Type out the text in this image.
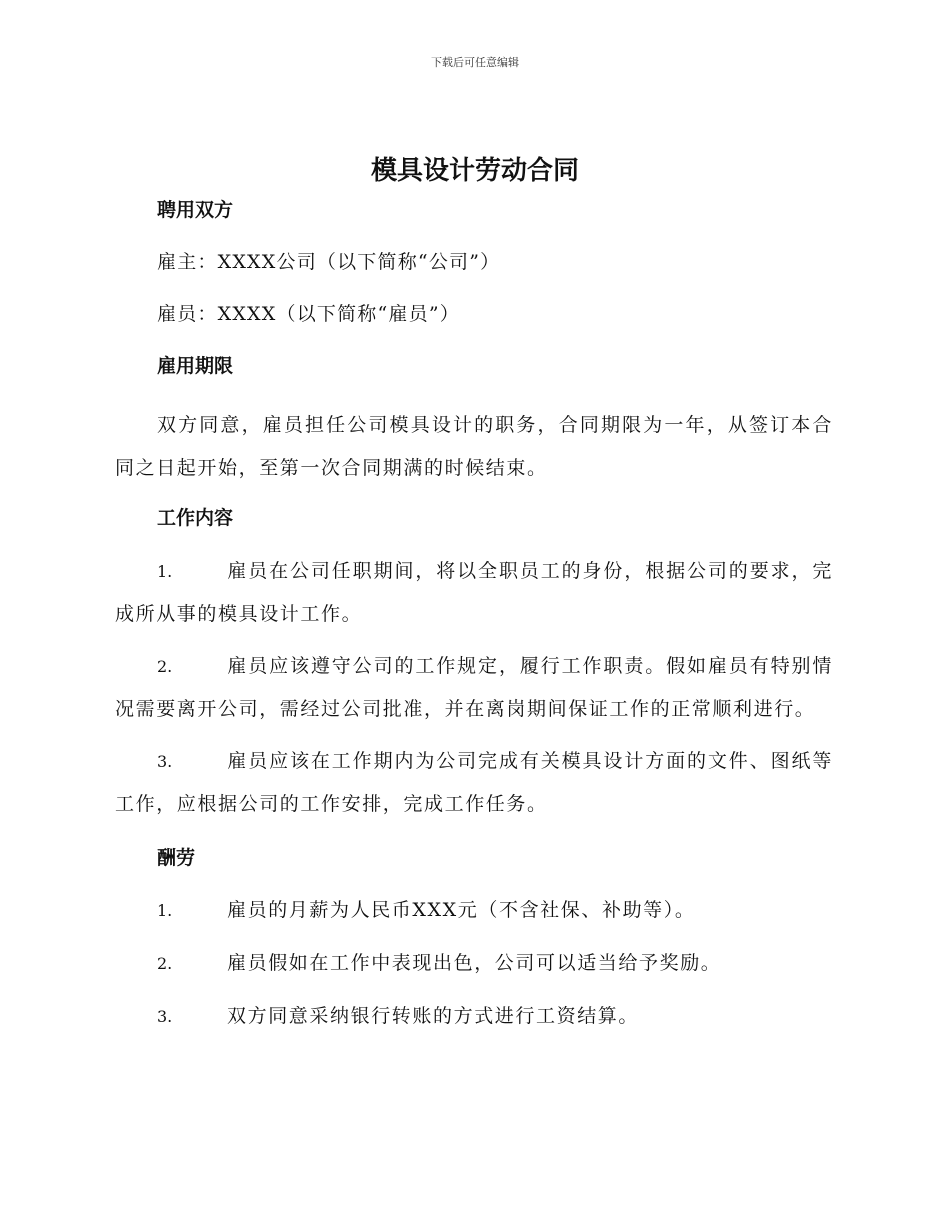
下载后可任意编辑
模具设计劳动合同
聘用双方
雇主：XXXX公司（以下简称“公司”）
雇员：XXXX（以下简称“雇员”）
雇用期限
双方同意，雇员担任公司模具设计的职务，合同期限为一年，从签订本合同之日起开始，至第一次合同期满的时候结束。
工作内容
1.	雇员在公司任职期间，将以全职员工的身份，根据公司的要求，完成所从事的模具设计工作。
2.	雇员应该遵守公司的工作规定，履行工作职责。假如雇员有特别情况需要离开公司，需经过公司批准，并在离岗期间保证工作的正常顺利进行。
3.	雇员应该在工作期内为公司完成有关模具设计方面的文件、图纸等工作，应根据公司的工作安排，完成工作任务。
酬劳
1.	雇员的月薪为人民币XXX元（不含社保、补助等）。
2.	雇员假如在工作中表现出色，公司可以适当给予奖励。
3.	双方同意采纳银行转账的方式进行工资结算。
